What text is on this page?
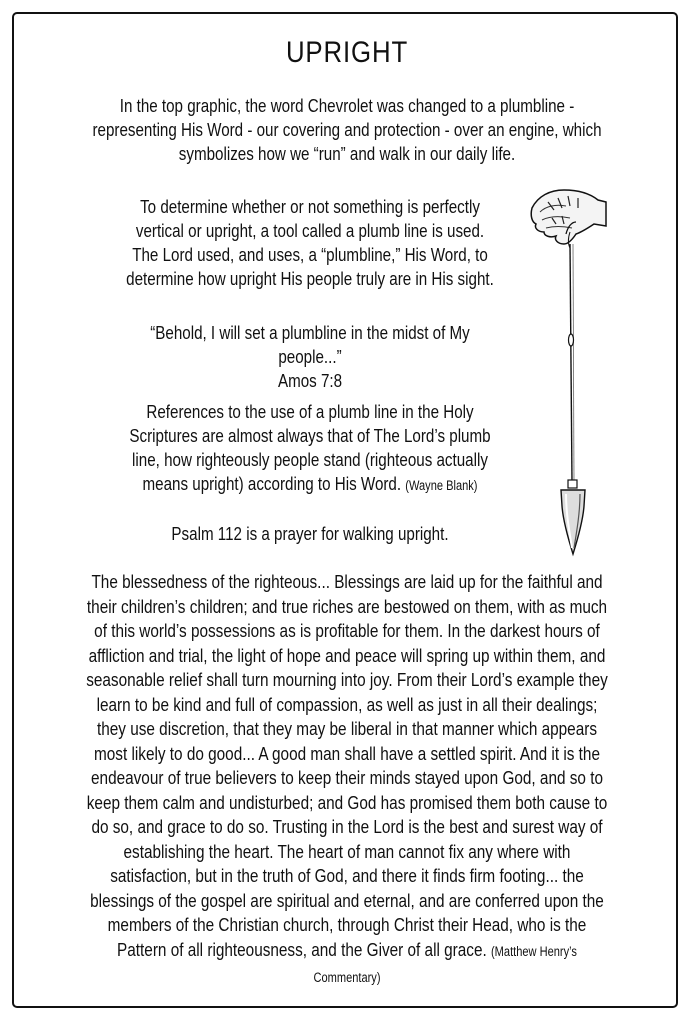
UPRIGHT

In the top graphic, the word Chevrolet was changed to a plumbline - representing His Word - our covering and protection - over an engine, which symbolizes how we “run” and walk in our daily life.

To determine whether or not something is perfectly vertical or upright, a tool called a plumb line is used. The Lord used, and uses, a “plumbline,” His Word, to determine how upright His people truly are in His sight.

“Behold, I will set a plumbline in the midst of My people...”
Amos 7:8

References to the use of a plumb line in the Holy Scriptures are almost always that of The Lord’s plumb line, how righteously people stand (righteous actually means upright) according to His Word. (Wayne Blank)

Psalm 112 is a prayer for walking upright.

The blessedness of the righteous... Blessings are laid up for the faithful and their children’s children; and true riches are bestowed on them, with as much of this world’s possessions as is profitable for them. In the darkest hours of affliction and trial, the light of hope and peace will spring up within them, and seasonable relief shall turn mourning into joy. From their Lord’s example they learn to be kind and full of compassion, as well as just in all their dealings; they use discretion, that they may be liberal in that manner which appears most likely to do good... A good man shall have a settled spirit. And it is the endeavour of true believers to keep their minds stayed upon God, and so to keep them calm and undisturbed; and God has promised them both cause to do so, and grace to do so. Trusting in the Lord is the best and surest way of establishing the heart. The heart of man cannot fix any where with satisfaction, but in the truth of God, and there it finds firm footing... the blessings of the gospel are spiritual and eternal, and are conferred upon the members of the Christian church, through Christ their Head, who is the Pattern of all righteousness, and the Giver of all grace. (Matthew Henry’s Commentary)
